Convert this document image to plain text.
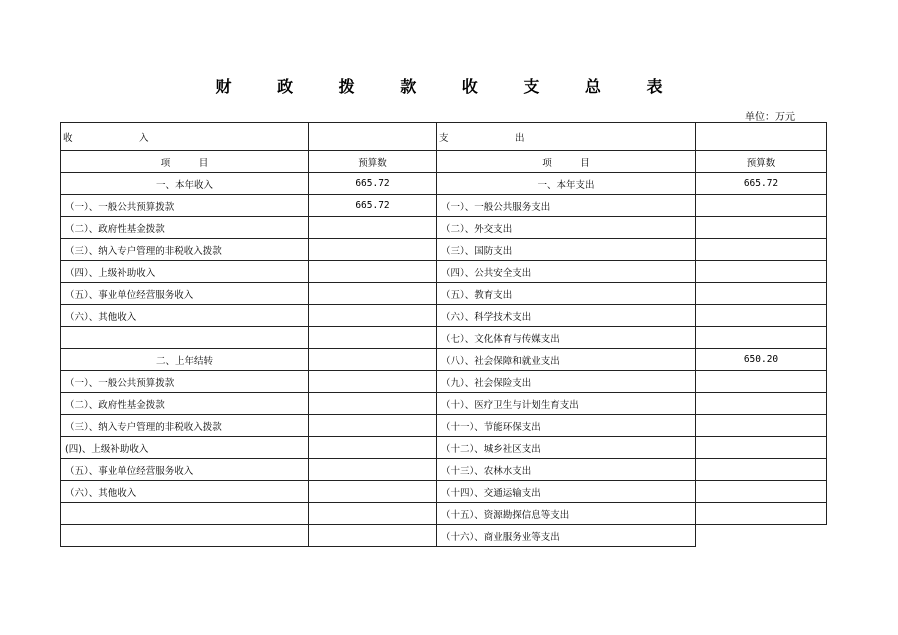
财 政 拨 款 收 支 总 表
单位：万元
收　　　　　　　入		支　　　　　　　出	
项　　　目	预算数	项　　　目	预算数
一、本年收入	665.72	一、本年支出	665.72
（一）、一般公共预算拨款	665.72	（一）、一般公共服务支出	
（二）、政府性基金拨款		（二）、外交支出	
（三）、纳入专户管理的非税收入拨款		（三）、国防支出	
（四）、上级补助收入		（四）、公共安全支出	
（五）、事业单位经营服务收入		（五）、教育支出	
（六）、其他收入		（六）、科学技术支出	
		（七）、文化体育与传媒支出	
二、上年结转		（八）、社会保障和就业支出	650.20
（一）、一般公共预算拨款		（九）、社会保险支出	
（二）、政府性基金拨款		（十）、医疗卫生与计划生育支出	
（三）、纳入专户管理的非税收入拨款		（十一）、节能环保支出	
(四)、上级补助收入		（十二）、城乡社区支出	
（五）、事业单位经营服务收入		（十三）、农林水支出	
（六）、其他收入		（十四）、交通运输支出	
		（十五）、资源勘探信息等支出	
		（十六）、商业服务业等支出	
